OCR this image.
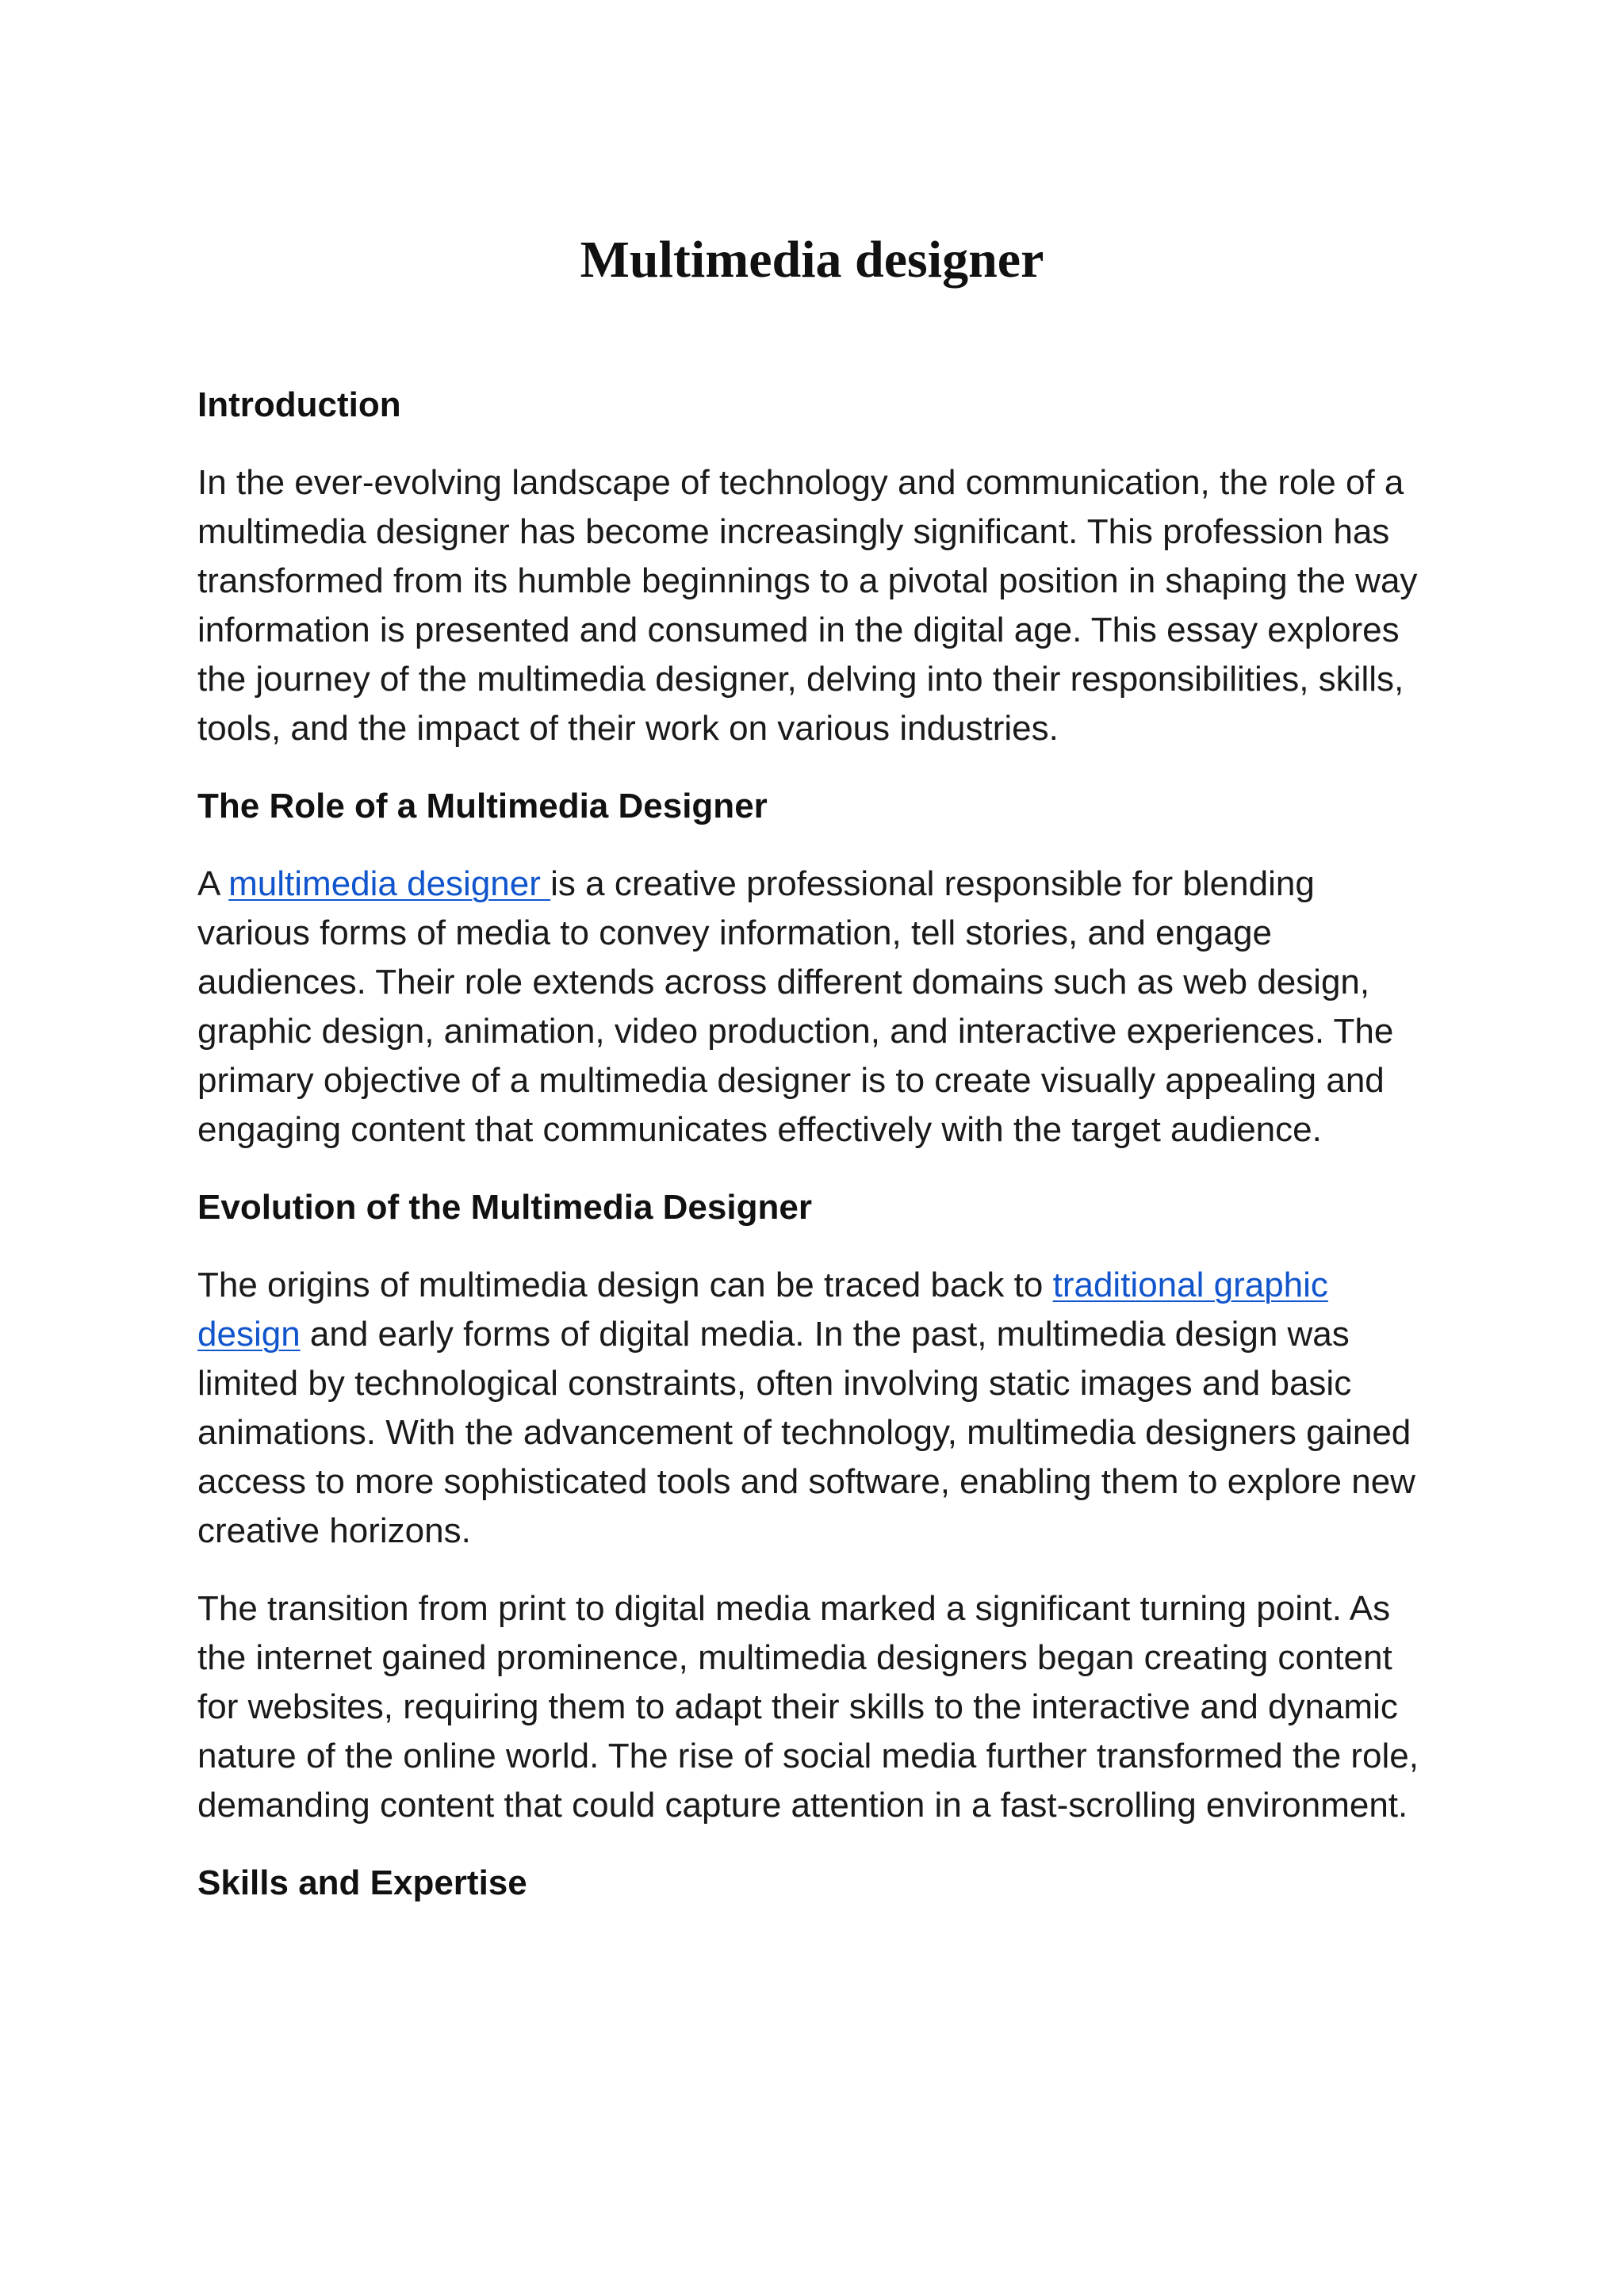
Multimedia designer
Introduction

In the ever-evolving landscape of technology and communication, the role of a multimedia designer has become increasingly significant. This profession has transformed from its humble beginnings to a pivotal position in shaping the way information is presented and consumed in the digital age. This essay explores the journey of the multimedia designer, delving into their responsibilities, skills, tools, and the impact of their work on various industries.

The Role of a Multimedia Designer

A multimedia designer is a creative professional responsible for blending various forms of media to convey information, tell stories, and engage audiences. Their role extends across different domains such as web design, graphic design, animation, video production, and interactive experiences. The primary objective of a multimedia designer is to create visually appealing and engaging content that communicates effectively with the target audience.

Evolution of the Multimedia Designer

The origins of multimedia design can be traced back to traditional graphic design and early forms of digital media. In the past, multimedia design was limited by technological constraints, often involving static images and basic animations. With the advancement of technology, multimedia designers gained access to more sophisticated tools and software, enabling them to explore new creative horizons.

The transition from print to digital media marked a significant turning point. As the internet gained prominence, multimedia designers began creating content for websites, requiring them to adapt their skills to the interactive and dynamic nature of the online world. The rise of social media further transformed the role, demanding content that could capture attention in a fast-scrolling environment.

Skills and Expertise
